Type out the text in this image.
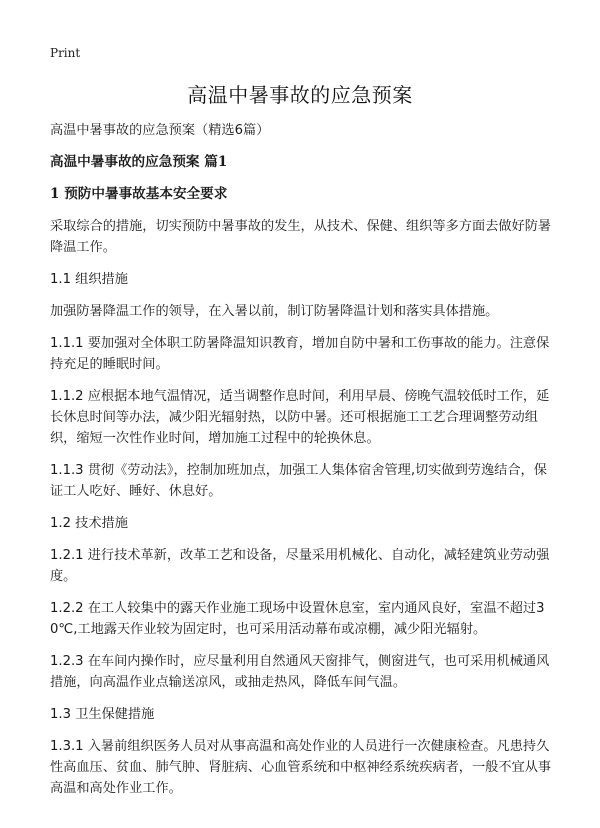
Print
高温中暑事故的应急预案

高温中暑事故的应急预案（精选6篇）

高温中暑事故的应急预案 篇1

1 预防中暑事故基本安全要求

采取综合的措施，切实预防中暑事故的发生，从技术、保健、组织等多方面去做好防暑降温工作。

1.1 组织措施

加强防暑降温工作的领导，在入暑以前，制订防暑降温计划和落实具体措施。

1.1.1 要加强对全体职工防暑降温知识教育，增加自防中暑和工伤事故的能力。注意保持充足的睡眠时间。

1.1.2 应根据本地气温情况，适当调整作息时间，利用早晨、傍晚气温较低时工作，延长休息时间等办法，减少阳光辐射热，以防中暑。还可根据施工工艺合理调整劳动组织，缩短一次性作业时间，增加施工过程中的轮换休息。

1.1.3 贯彻《劳动法》，控制加班加点，加强工人集体宿舍管理,切实做到劳逸结合，保证工人吃好、睡好、休息好。

1.2 技术措施

1.2.1 进行技术革新，改革工艺和设备，尽量采用机械化、自动化，减轻建筑业劳动强度。

1.2.2 在工人较集中的露天作业施工现场中设置休息室，室内通风良好，室温不超过30℃,工地露天作业较为固定时，也可采用活动幕布或凉棚，减少阳光辐射。

1.2.3 在车间内操作时，应尽量利用自然通风天窗排气，侧窗进气，也可采用机械通风措施，向高温作业点输送凉风，或抽走热风，降低车间气温。

1.3 卫生保健措施

1.3.1 入暑前组织医务人员对从事高温和高处作业的人员进行一次健康检查。凡患持久性高血压、贫血、肺气肿、肾脏病、心血管系统和中枢神经系统疾病者，一般不宜从事高温和高处作业工作。
